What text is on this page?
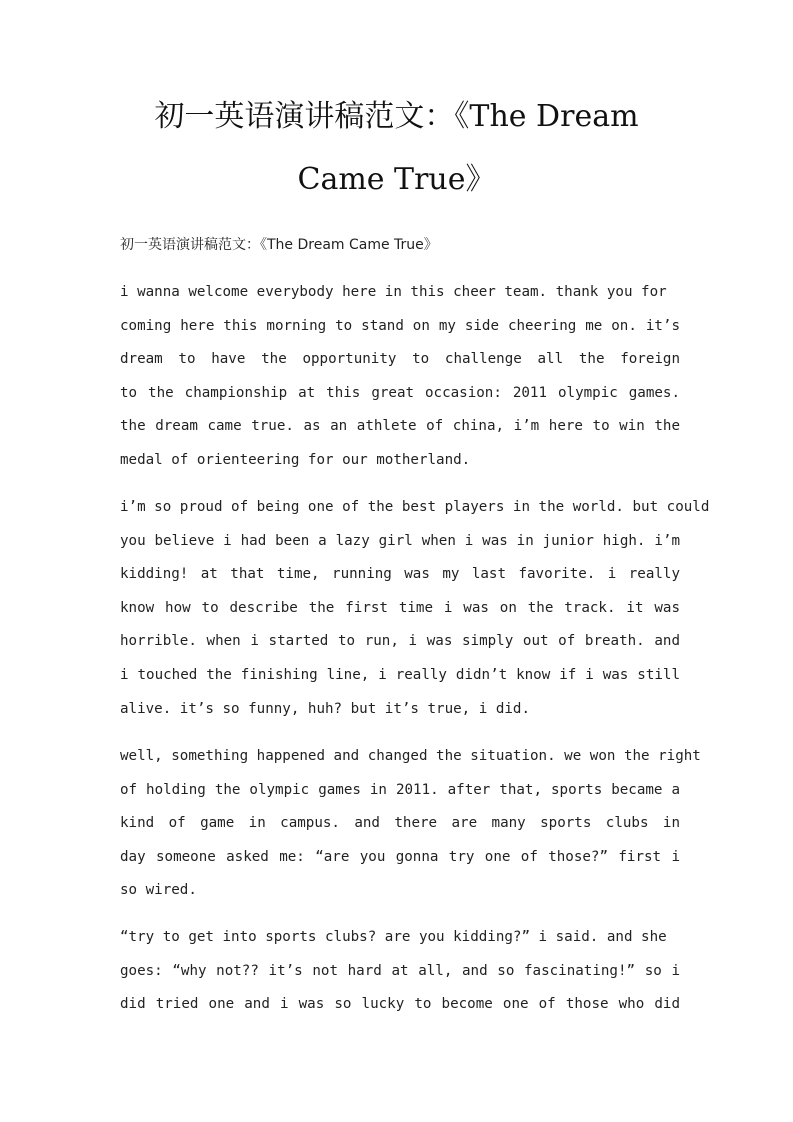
初一英语演讲稿范文：《The Dream
Came True》

初一英语演讲稿范文：《The Dream Came True》

i wanna welcome everybody here in this cheer team. thank you for
coming here this morning to stand on my side cheering me on. it’s
dream to have the opportunity to challenge all the foreign
to the championship at this great occasion: 2011 olympic games.
the dream came true. as an athlete of china, i’m here to win the
medal of orienteering for our motherland.
i’m so proud of being one of the best players in the world. but could
you believe i had been a lazy girl when i was in junior high. i’m
kidding! at that time, running was my last favorite. i really
know how to describe the first time i was on the track. it was
horrible. when i started to run, i was simply out of breath. and
i touched the finishing line, i really didn’t know if i was still
alive. it’s so funny, huh? but it’s true, i did.
well, something happened and changed the situation. we won the right
of holding the olympic games in 2011. after that, sports became a
kind of game in campus. and there are many sports clubs in
day someone asked me: “are you gonna try one of those?” first i
so wired.
“try to get into sports clubs? are you kidding?” i said. and she
goes: “why not?? it’s not hard at all, and so fascinating!” so i
did tried one and i was so lucky to become one of those who did
